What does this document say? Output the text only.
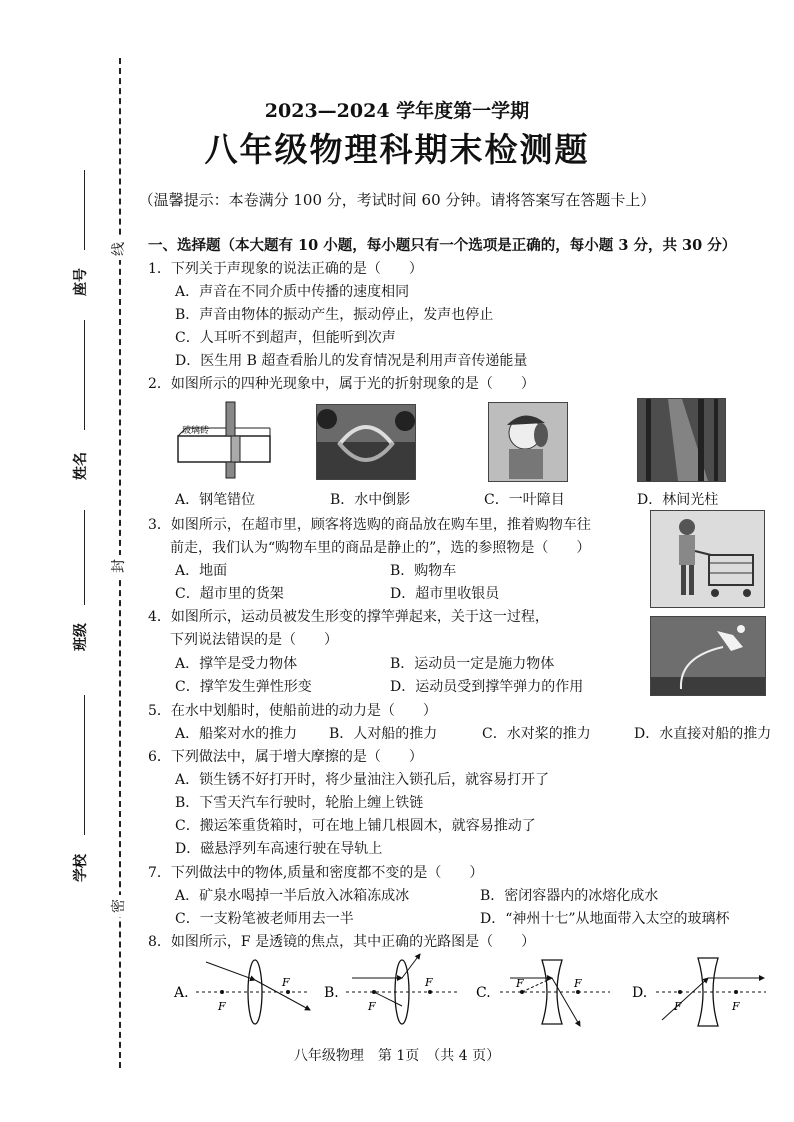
线
封
密
座号
姓名
班级
学校
2023—2024 学年度第一学期
八年级物理科期末检测题
（温馨提示：本卷满分 100 分，考试时间 60 分钟。请将答案写在答题卡上）
一、选择题（本大题有 10 小题，每小题只有一个选项是正确的，每小题 3 分，共 30 分）
1．下列关于声现象的说法正确的是（　　）
A．声音在不同介质中传播的速度相同
B．声音由物体的振动产生，振动停止，发声也停止
C．人耳听不到超声，但能听到次声
D．医生用 B 超查看胎儿的发育情况是利用声音传递能量
2．如图所示的四种光现象中，属于光的折射现象的是（　　）
玻璃砖
A．钢笔错位	B．水中倒影	C．一叶障目	D．林间光柱
3．如图所示，在超市里，顾客将选购的商品放在购车里，推着购物车往
前走，我们认为“购物车里的商品是静止的”，选的参照物是（　　）
A．地面	B．购物车
C．超市里的货架	D．超市里收银员
4．如图所示，运动员被发生形变的撑竿弹起来，关于这一过程，
下列说法错误的是（　　）
A．撑竿是受力物体	B．运动员一定是施力物体
C．撑竿发生弹性形变	D．运动员受到撑竿弹力的作用
5．在水中划船时，使船前进的动力是（　　）
A．船桨对水的推力 B．人对船的推力	C．水对桨的推力	D．水直接对船的推力
6．下列做法中，属于增大摩擦的是（　　）
A．锁生锈不好打开时，将少量油注入锁孔后，就容易打开了
B．下雪天汽车行驶时，轮胎上缠上铁链
C．搬运笨重货箱时，可在地上铺几根圆木，就容易推动了
D．磁悬浮列车高速行驶在导轨上
7．下列做法中的物体,质量和密度都不变的是（　　）
A．矿泉水喝掉一半后放入冰箱冻成冰	B．密闭容器内的冰熔化成水
C．一支粉笔被老师用去一半	D．“神州十七”从地面带入太空的玻璃杯
8．如图所示，F 是透镜的焦点，其中正确的光路图是（　　）
A.
F
F
B.
F
F
C.
F	F
D.
F	F
八年级物理　第 1页　（共 4 页）
